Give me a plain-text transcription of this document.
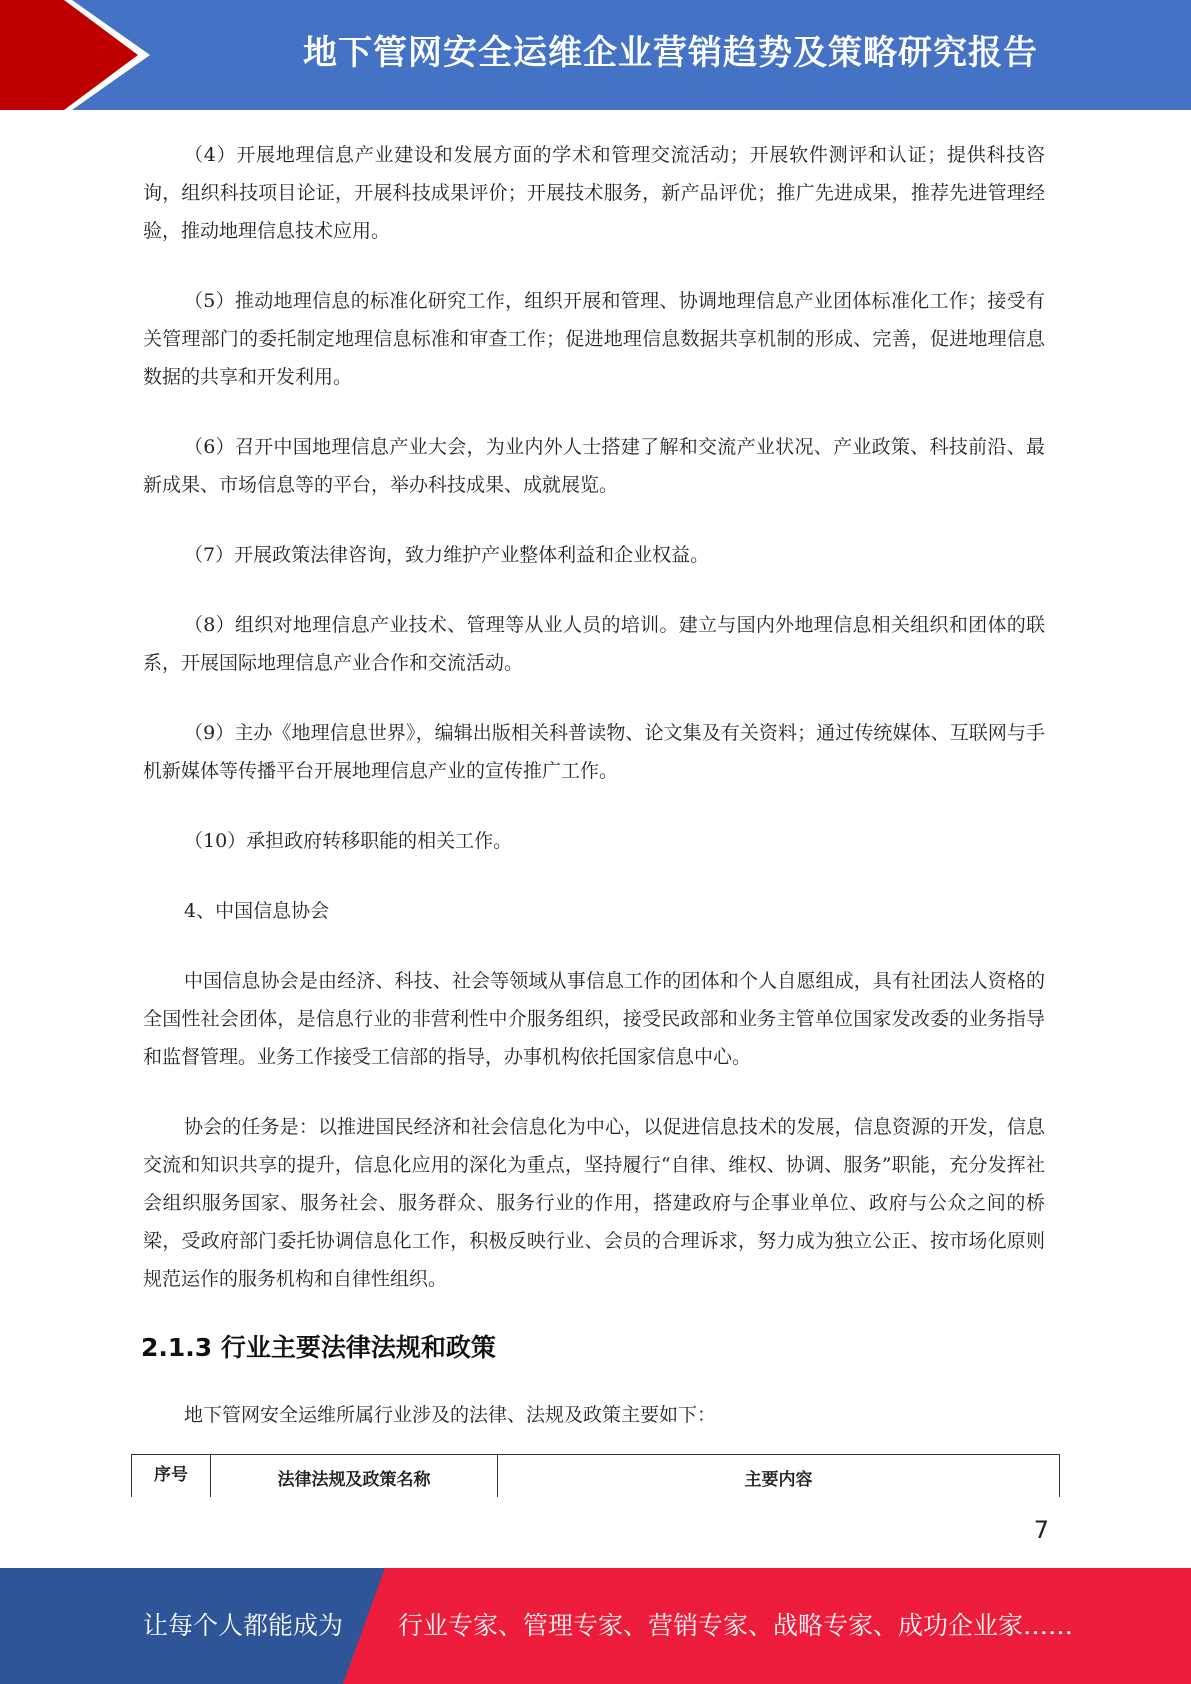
地下管网安全运维企业营销趋势及策略研究报告

（4）开展地理信息产业建设和发展方面的学术和管理交流活动；开展软件测评和认证；提供科技咨询，组织科技项目论证，开展科技成果评价；开展技术服务，新产品评优；推广先进成果，推荐先进管理经验，推动地理信息技术应用。

（5）推动地理信息的标准化研究工作，组织开展和管理、协调地理信息产业团体标准化工作；接受有关管理部门的委托制定地理信息标准和审查工作；促进地理信息数据共享机制的形成、完善，促进地理信息数据的共享和开发利用。

（6）召开中国地理信息产业大会，为业内外人士搭建了解和交流产业状况、产业政策、科技前沿、最新成果、市场信息等的平台，举办科技成果、成就展览。

（7）开展政策法律咨询，致力维护产业整体利益和企业权益。

（8）组织对地理信息产业技术、管理等从业人员的培训。建立与国内外地理信息相关组织和团体的联系，开展国际地理信息产业合作和交流活动。

（9）主办《地理信息世界》，编辑出版相关科普读物、论文集及有关资料；通过传统媒体、互联网与手机新媒体等传播平台开展地理信息产业的宣传推广工作。

（10）承担政府转移职能的相关工作。

4、中国信息协会

中国信息协会是由经济、科技、社会等领域从事信息工作的团体和个人自愿组成，具有社团法人资格的全国性社会团体，是信息行业的非营利性中介服务组织，接受民政部和业务主管单位国家发改委的业务指导和监督管理。业务工作接受工信部的指导，办事机构依托国家信息中心。

协会的任务是：以推进国民经济和社会信息化为中心，以促进信息技术的发展，信息资源的开发，信息交流和知识共享的提升，信息化应用的深化为重点，坚持履行“自律、维权、协调、服务”职能，充分发挥社会组织服务国家、服务社会、服务群众、服务行业的作用，搭建政府与企事业单位、政府与公众之间的桥梁，受政府部门委托协调信息化工作，积极反映行业、会员的合理诉求，努力成为独立公正、按市场化原则规范运作的服务机构和自律性组织。

2.1.3 行业主要法律法规和政策

地下管网安全运维所属行业涉及的法律、法规及政策主要如下：

序号	法律法规及政策名称	主要内容
7
让每个人都能成为 行业专家、管理专家、营销专家、战略专家、成功企业家……
